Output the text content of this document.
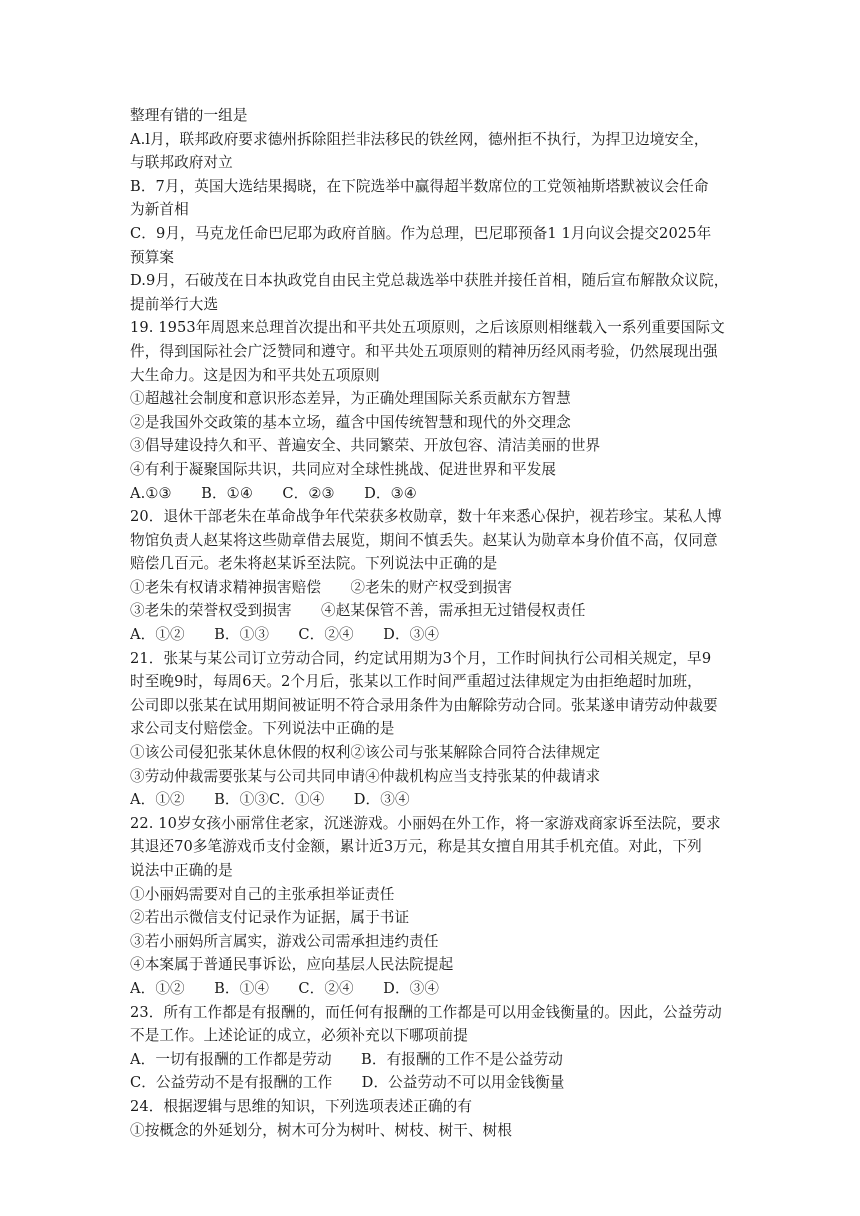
整理有错的一组是
A.l月，联邦政府要求德州拆除阻拦非法移民的铁丝网，德州拒不执行，为捍卫边境安全，
与联邦政府对立
B．7月，英国大选结果揭晓，在下院选举中赢得超半数席位的工党领袖斯塔默被议会任命
为新首相
C．9月，马克龙任命巴尼耶为政府首脑。作为总理，巴尼耶预备1 1月向议会提交2025年
预算案
D.9月，石破茂在日本执政党自由民主党总裁选举中获胜并接任首相，随后宣布解散众议院，
提前举行大选
19. 1953年周恩来总理首次提出和平共处五项原则，之后该原则相继载入一系列重要国际文
件，得到国际社会广泛赞同和遵守。和平共处五项原则的精神历经风雨考验，仍然展现出强
大生命力。这是因为和平共处五项原则
①超越社会制度和意识形态差异，为正确处理国际关系贡献东方智慧
②是我国外交政策的基本立场，蕴含中国传统智慧和现代的外交理念
③倡导建设持久和平、普遍安全、共同繁荣、开放包容、清洁美丽的世界
④有利于凝聚国际共识，共同应对全球性挑战、促进世界和平发展
A.①③　　B．①④　　C．②③　　D．③④
20．退休干部老朱在革命战争年代荣获多枚勋章，数十年来悉心保护，视若珍宝。某私人博
物馆负责人赵某将这些勋章借去展览，期间不慎丢失。赵某认为勋章本身价值不高，仅同意
赔偿几百元。老朱将赵某诉至法院。下列说法中正确的是
①老朱有权请求精神损害赔偿　　②老朱的财产权受到损害
③老朱的荣誉权受到损害　　④赵某保管不善，需承担无过错侵权责任
A．①②　　B．①③　　C．②④　　D．③④
21．张某与某公司订立劳动合同，约定试用期为3个月，工作时间执行公司相关规定，早9
时至晚9时，每周6天。2个月后，张某以工作时间严重超过法律规定为由拒绝超时加班，
公司即以张某在试用期间被证明不符合录用条件为由解除劳动合同。张某遂申请劳动仲裁要
求公司支付赔偿金。下列说法中正确的是
①该公司侵犯张某休息休假的权利②该公司与张某解除合同符合法律规定
③劳动仲裁需要张某与公司共同申请④仲裁机构应当支持张某的仲裁请求
A．①②　　B．①③C．①④　　D．③④
22. 10岁女孩小丽常住老家，沉迷游戏。小丽妈在外工作，将一家游戏商家诉至法院，要求
其退还70多笔游戏币支付金额，累计近3万元，称是其女擅自用其手机充值。对此，下列
说法中正确的是
①小丽妈需要对自己的主张承担举证责任
②若出示微信支付记录作为证据，属于书证
③若小丽妈所言属实，游戏公司需承担违约责任
④本案属于普通民事诉讼，应向基层人民法院提起
A．①②　　B．①④　　C．②④　　D．③④
23．所有工作都是有报酬的，而任何有报酬的工作都是可以用金钱衡量的。因此，公益劳动
不是工作。上述论证的成立，必须补充以下哪项前提
A．一切有报酬的工作都是劳动　　B．有报酬的工作不是公益劳动
C．公益劳动不是有报酬的工作　　D．公益劳动不可以用金钱衡量
24．根据逻辑与思维的知识，下列选项表述正确的有
①按概念的外延划分，树木可分为树叶、树枝、树干、树根
